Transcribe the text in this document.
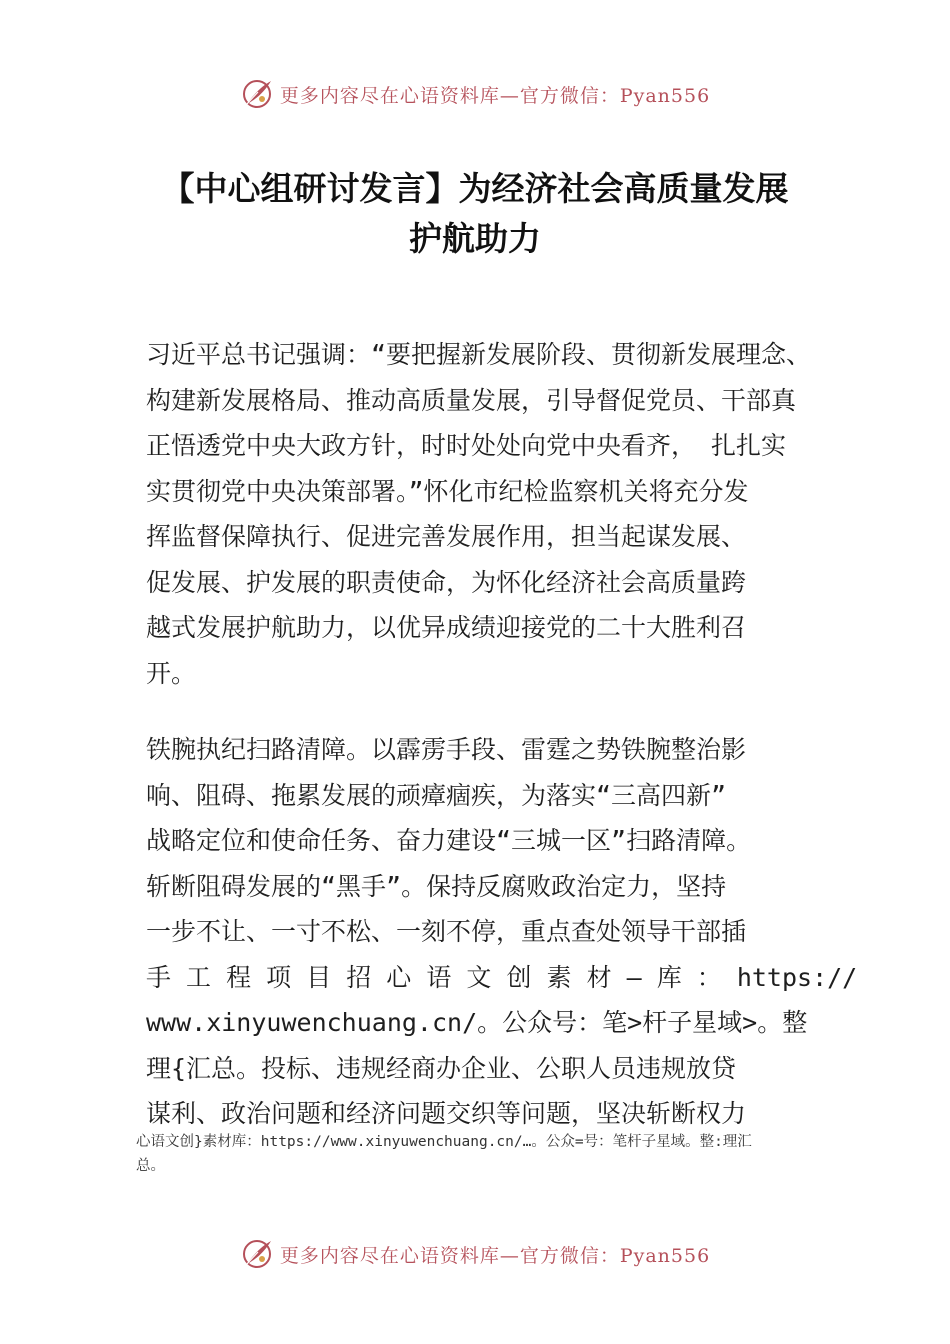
更多内容尽在心语资料库—官方微信：Pyan556
【中心组研讨发言】为经济社会高质量发展
护航助力
习近平总书记强调：“要把握新发展阶段、贯彻新发展理念、
构建新发展格局、推动高质量发展，引导督促党员、干部真
正悟透党中央大政方针，时时处处向党中央看齐， 扎扎实
实贯彻党中央决策部署。”怀化市纪检监察机关将充分发
挥监督保障执行、促进完善发展作用，担当起谋发展、
促发展、护发展的职责使命，为怀化经济社会高质量跨
越式发展护航助力，以优异成绩迎接党的二十大胜利召
开。
铁腕执纪扫路清障。以霹雳手段、雷霆之势铁腕整治影
响、阻碍、拖累发展的顽瘴痼疾，为落实“三高四新”
战略定位和使命任务、奋力建设“三城一区”扫路清障。
斩断阻碍发展的“黑手”。保持反腐败政治定力，坚持
一步不让、一寸不松、一刻不停，重点查处领导干部插
手 工 程 项 目 招 心 语 文 创 素 材 — 库 ： https://
www.xinyuwenchuang.cn/。公众号：笔>杆子星域>。整
理{汇总。投标、违规经商办企业、公职人员违规放贷
谋利、政治问题和经济问题交织等问题，坚决斩断权力
心语文创}素材库：https://www.xinyuwenchuang.cn/…。公众=号：笔杆子星域。整:理汇
总。
更多内容尽在心语资料库—官方微信：Pyan556
